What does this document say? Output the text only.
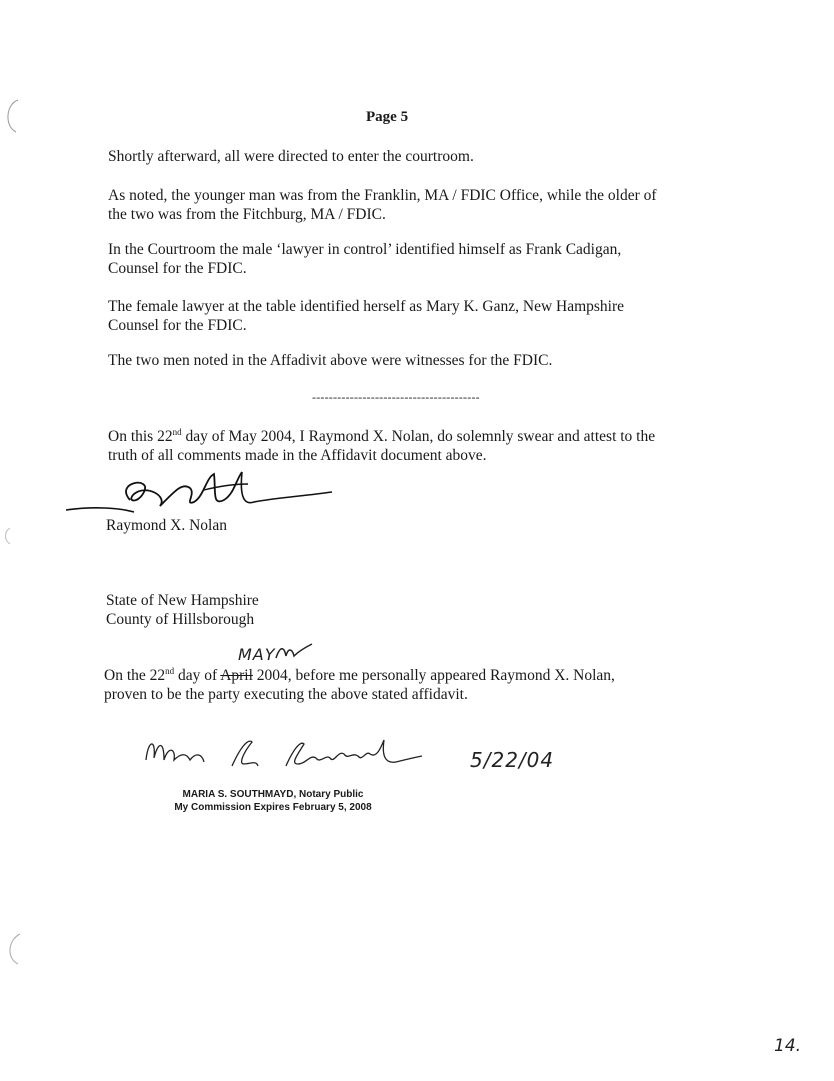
Page 5
Shortly afterward, all were directed to enter the courtroom.
As noted, the younger man was from the Franklin, MA / FDIC Office, while the older of
the two was from the Fitchburg, MA / FDIC.
In the Courtroom the male ‘lawyer in control’ identified himself as Frank Cadigan,
Counsel for the FDIC.
The female lawyer at the table identified herself as Mary K. Ganz, New Hampshire
Counsel for the FDIC.
The two men noted in the Affadivit above were witnesses for the FDIC.
----------------------------------------
On this 22nd day of May 2004, I Raymond X. Nolan, do solemnly swear and attest to the
truth of all comments made in the Affidavit document above.
Raymond X. Nolan
State of New Hampshire
County of Hillsborough
MAY
On the 22nd day of April 2004, before me personally appeared Raymond X. Nolan,
proven to be the party executing the above stated affidavit.
5/22/04
MARIA S. SOUTHMAYD, Notary Public
My Commission Expires February 5, 2008
14.
